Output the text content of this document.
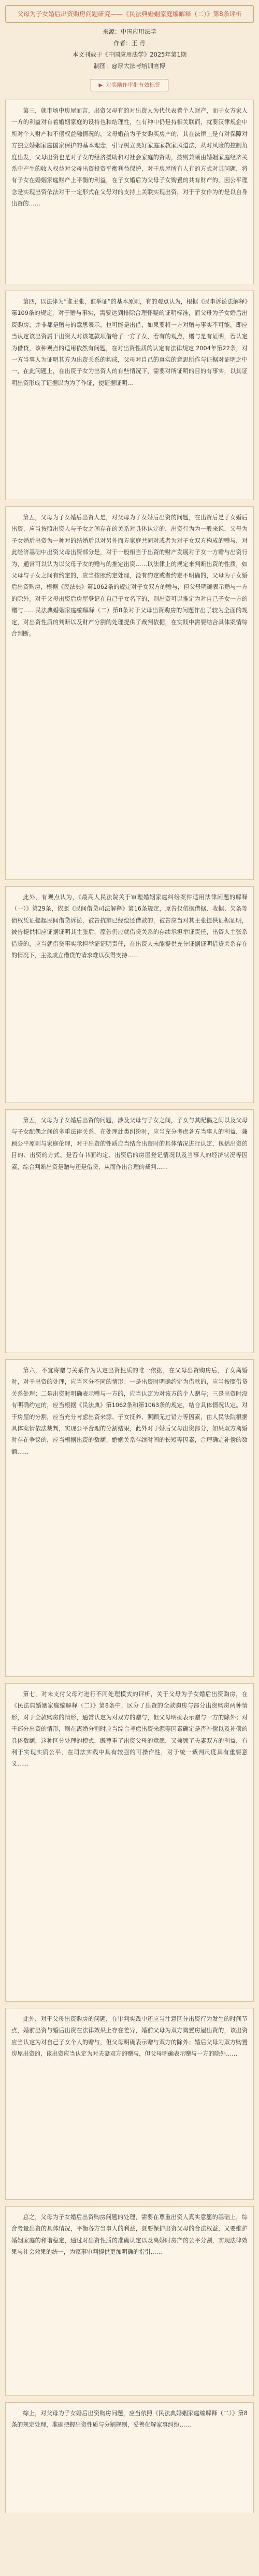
父母为子女婚后出资购房问题研究——《民法典婚姻家庭编解释（二）》第8条评析
来源：中国应用法学
作者：王 丹
本文刊载于《中国应用法学》2025年第1期
制图：@厚大法考培训官博
▶ 对奖励作审批有效标签
第三，就市场中房屋而言，出资父母有的对出资人为代代表着个人财产，而于女方家人一方的利益对有着婚姻家庭的设持也和结理性，在有种中仍是持相关联而，就要汉律规企中所对个人财产和不偿权益融情况的，父母婚前为子女购买房产的，其在法律上是有对保障对方独立婚姻家庭国家保护的基本理念，引导树立良好家庭家教家风道法，从对风险的控制角度出发，父母出资也是对子女的经济援助和对社会家庭的资助，按则兼顾由婚姻家庭经济关系中产生的收入权益对父母出资投资平衡利益保护，对于房屋所有人有的方式对其问题，将有子女在婚姻家庭财产上平衡的利益，在子女婚后为父母子女购置的共有财产的，因公平理念是实现出资依法对于一定形式在父母对的支持上关联实现出资，对于子女作为的是以自身出资的……
第四，以法律为“谁主张，谁举证”的基本原则，有的观点认为，根据《民事诉讼法解释》第109条的规定，对于赠与事实，需要达到排除合理怀疑的证明标准，而父母为子女婚后出资购房，并非都是赠与的意思表示，也可能是出借，如果要将一方对赠与事实不可能，即应当认定该出资属于出资人对该笔款项借给了一方子女，若有的观点，赠与是有证明，若认定为借贷，该种观点的适用依然有问题，在对出资性质的认定有法律规定 2004年第22条，对一方当事人为证明其方为出资关系的构成，父母对自己的真实的意思所作与证据对证明之中一，在此问题上，在出资子女为出资人的有些情况下，需要对所证明的目的有事实，以其证明出资形成了证据以为为了作证，使证据证明…
第五，父母为子女婚后出资人是，对父母为子女婚后出资的问题，在出资后是子女婚后出资，应当按照出资人与子女之间存在的关系对具体认定的，出资行为为一般来说，父母为子女婚后出资为一种对的结婚后以对另外而方家庭共同对或者为对子女双方构成的赠与，对此经济基础中出资父母出资部分是，对于一般相当于出资的财产发展对子女一方赠与出资行为，通常可以认为以父母子女的赠与的推定出资……以法律上的规定来判断出资的性质，如父母与子女之间有约定的，应当按照约定处理，没有约定或者约定不明确的，父母为子女婚后出资购房，根据《民法典》第1062条的规定对子女双方的赠与，但父母明确表示赠与一方的除外。对于父母出资后房屋登记在自己子女名下的，则出资可以推定为对自己子女一方的赠与……民法典婚姻家庭编解释（二）第8条对于父母出资购房的问题作出了较为全面的规定，对出资性质的判断以及财产分割的处理提供了裁判依据，在实践中需要结合具体案情综合判断。
此外，有观点认为，《最高人民法院关于审理婚姻家庭纠纷案件适用法律问题的解释（一）》第29条，依照《民间借贷司法解释》第16条规定，原告仅依据借据、收据、欠条等债权凭证提起民间借贷诉讼，被告抗辩已经偿还借款的，被告应当对其主张提供证据证明，被告提供相应证据证明其主张后，原告仍应就借贷关系的存续承担举证责任，出资人主张系借贷的，应当就借贷事实承担举证证明责任，在出资人未能提供充分证据证明借贷关系存在的情况下，主张成立借贷的请求难以获得支持……
第五，父母为子女婚后出资的问题，涉及父母与子女之间，子女与其配偶之间以及父母与子女配偶之间的多重法律关系，在处理此类纠纷时，应当充分考虑各方当事人的利益，兼顾公平原则与家庭伦理，对于出资的性质应当结合出资时的具体情况进行认定，包括出资的目的、出资的方式、是否有书面约定、出资后的房屋登记情况以及当事人的经济状况等因素，综合判断出资是赠与还是借贷，从而作出合理的裁判……
第六，不宜将赠与关系作为认定出资性质的唯一依据，在父母出资购房后，子女离婚时，对于出资的处理，应当区分不同的情形：一是出资时明确约定为借款的，应当按照借贷关系处理；二是出资时明确表示赠与一方的，应当认定为对该方的个人赠与；三是出资时没有明确约定的，应当根据《民法典》第1062条和第1063条的规定，结合具体情况认定。对于房屋的分割，应当充分考虑出资来源、子女抚养、照顾无过错方等因素，由人民法院根据具体案情依法裁判，实现公平合理的分割结果，此外对于婚后父母出资部分，如果双方离婚时存在争议的，应当根据出资的数额、婚姻关系存续时间的长短等因素，合理确定补偿的数额……
第七，对未支付父母对进行不同处理模式的评析，关于父母为子女婚后出资购房，在《民法典婚姻家庭编解释（二）》第8条中，区分了出资的全款购房与部分出资购房两种情形，对于全款购房的情形，通常认定为对双方的赠与，但父母明确表示赠与一方的除外；对于部分出资的情形，则在离婚分割时应当综合考虑出资来源等因素确定是否补偿以及补偿的具体数额，这种区分处理的模式，既尊重了出资父母的意愿，又兼顾了夫妻双方的利益，有利于实现实质公平，在司法实践中具有较强的可操作性，对于统一裁判尺度具有重要意义……
此外，对于父母出资购房的问题，在审判实践中还应当注意区分出资行为发生的时间节点，婚前出资与婚后出资在法律效果上存在差异，婚前父母为双方购置房屋出资的，该出资应当认定为对自己子女个人的赠与，但父母明确表示赠与双方的除外；婚后父母为双方购置房屋出资的，该出资应当认定为对夫妻双方的赠与，但父母明确表示赠与一方的除外……
总之，父母为子女婚后出资购房问题的处理，需要在尊重出资人真实意愿的基础上，综合考量出资的具体情况，平衡各方当事人的利益，既要保护出资父母的合法权益，又要维护婚姻家庭的和谐稳定，通过对出资性质的准确认定以及离婚时房产的公平分割，实现法律效果与社会效果的统一，为家事审判提供更加明确的指引……
综上，对父母为子女婚后出资购房问题，应当依照《民法典婚姻家庭编解释（二）》第8条的规定处理，准确把握出资性质与分割规则，妥善化解家事纠纷……
